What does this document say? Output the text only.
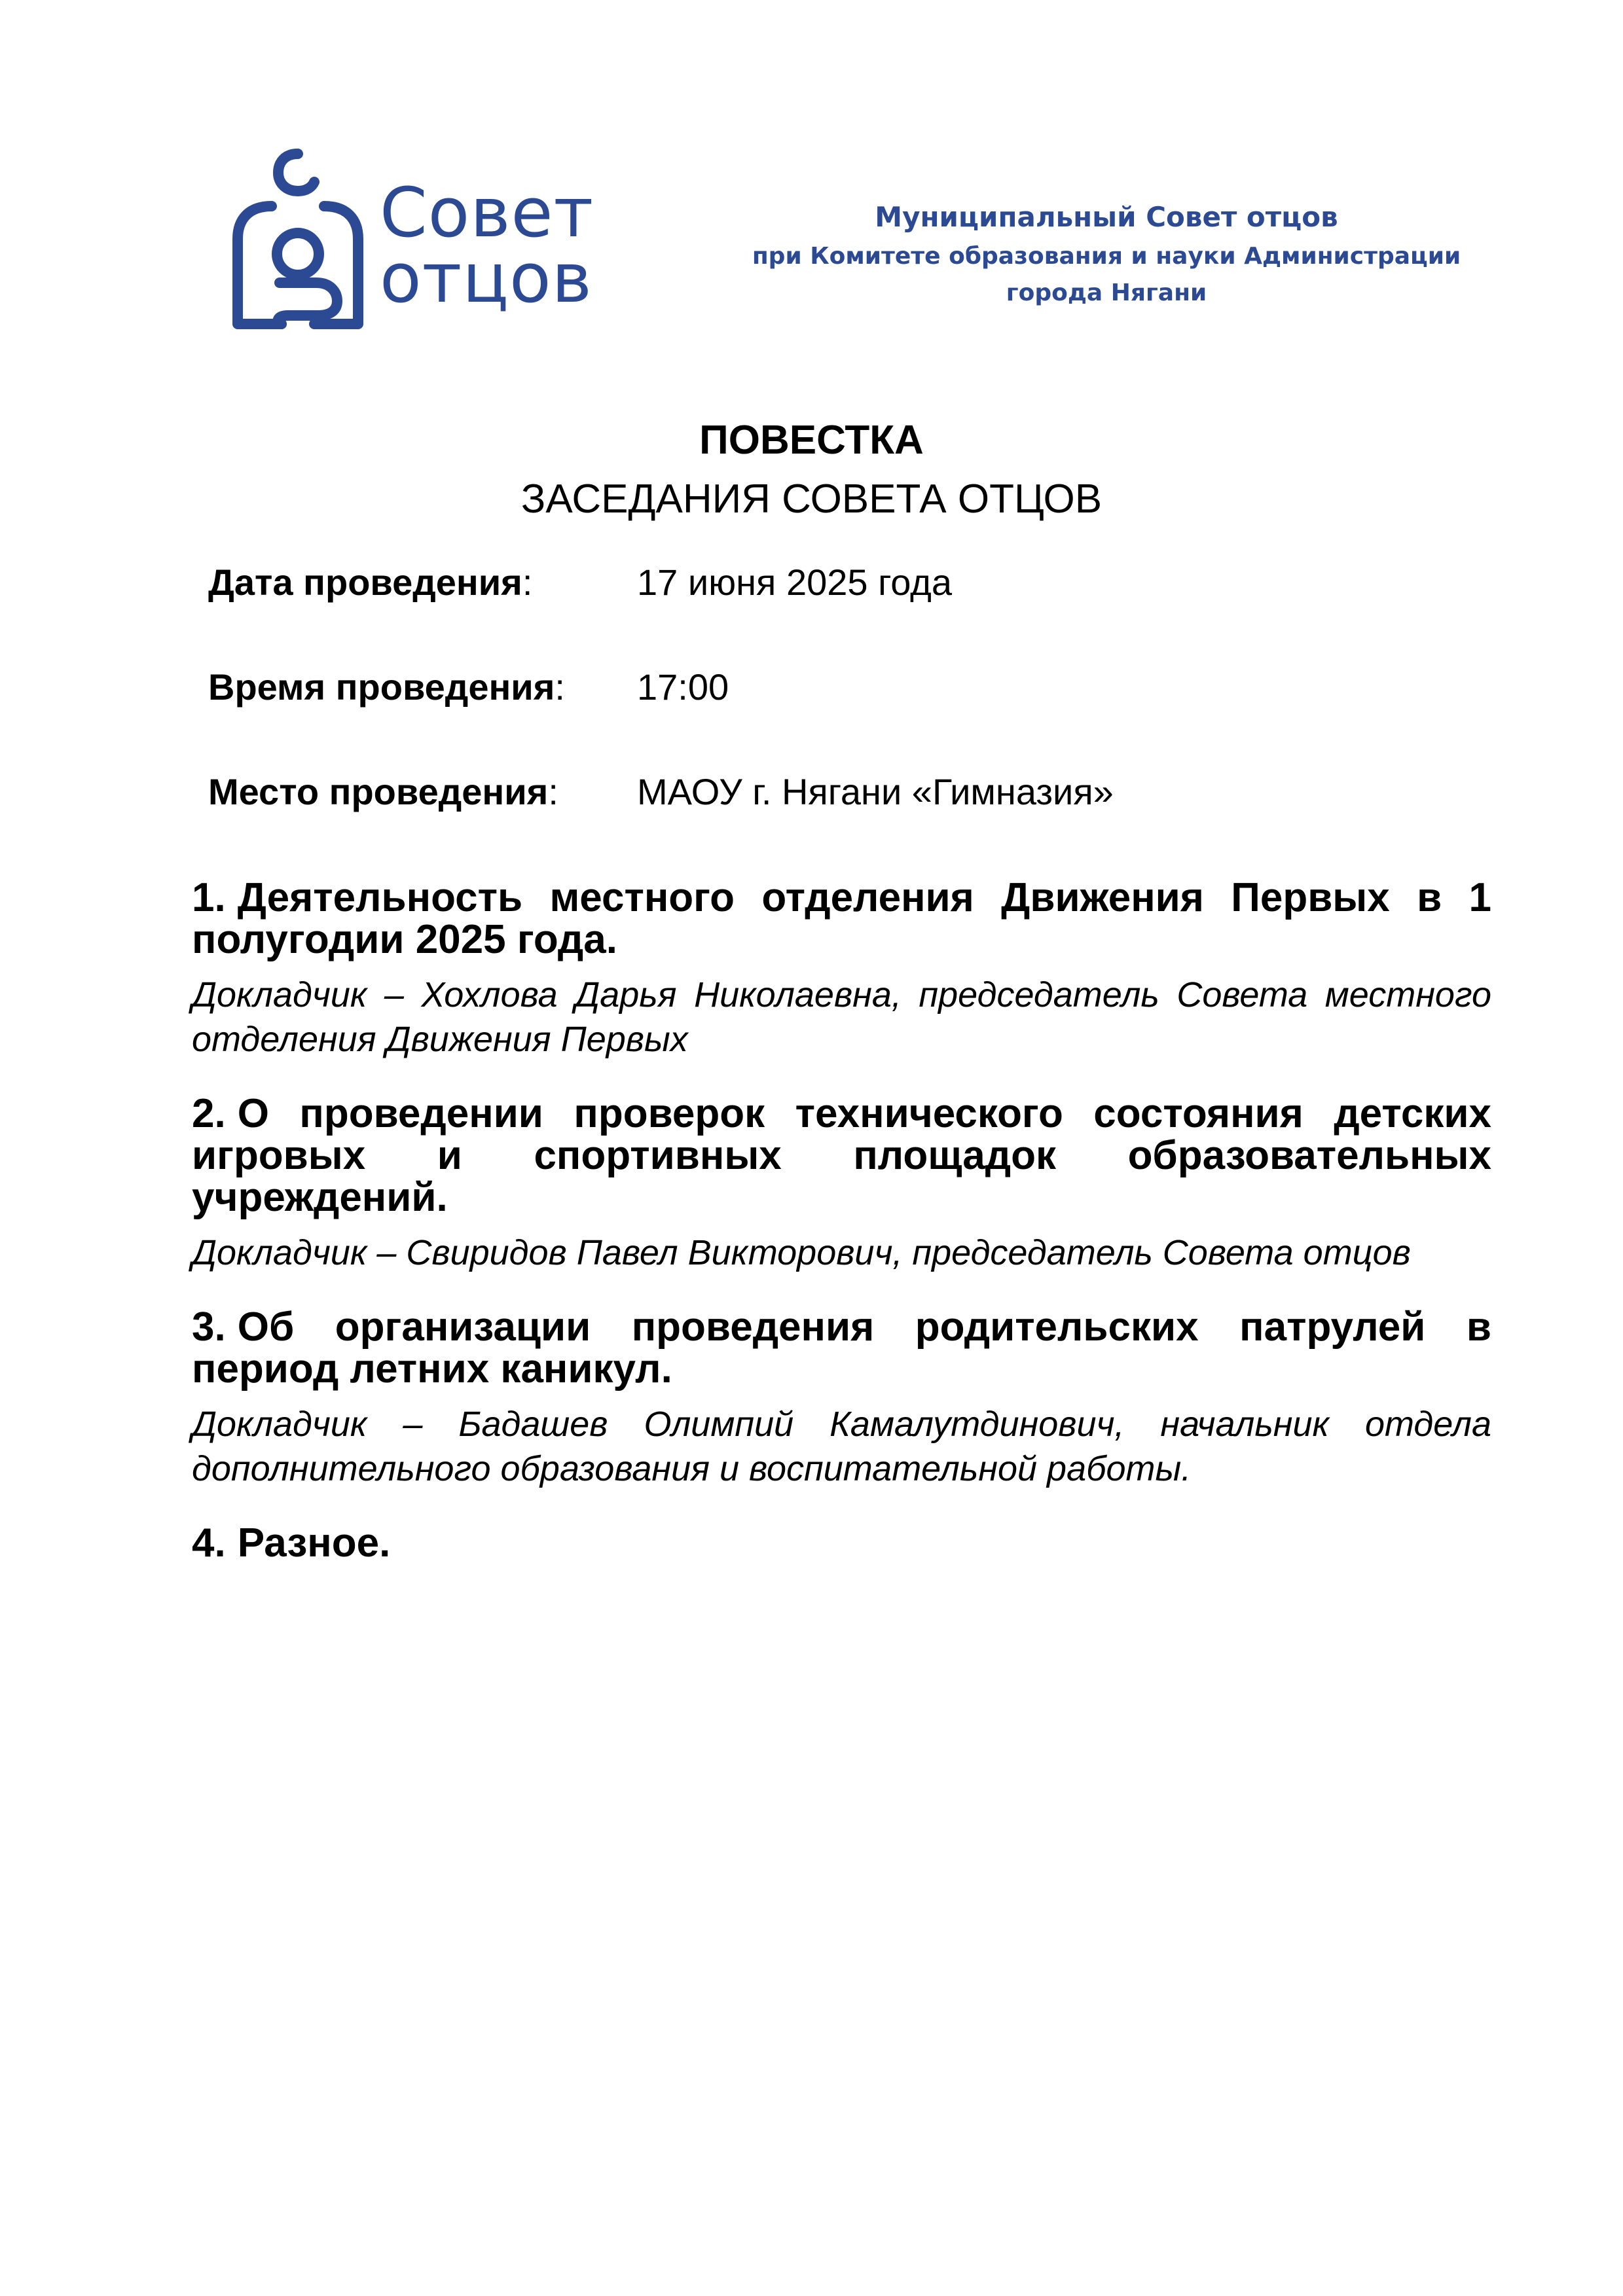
Совет
отцов
Муниципальный Совет отцов
при Комитете образования и науки Администрации города Нягани
ПОВЕСТКА
ЗАСЕДАНИЯ СОВЕТА ОТЦОВ
Дата проведения:	17 июня 2025 года
Время проведения:	17:00
Место проведения:	МАОУ г. Нягани «Гимназия»
1. Деятельность местного отделения Движения Первых в 1 полугодии 2025 года.
Докладчик – Хохлова Дарья Николаевна, председатель Совета местного отделения Движения Первых
2. О проведении проверок технического состояния детских игровых и спортивных площадок образовательных учреждений.
Докладчик – Свиридов Павел Викторович, председатель Совета отцов
3. Об организации проведения родительских патрулей в период летних каникул.
Докладчик – Бадашев Олимпий Камалутдинович, начальник отдела дополнительного образования и воспитательной работы.
4. Разное.
